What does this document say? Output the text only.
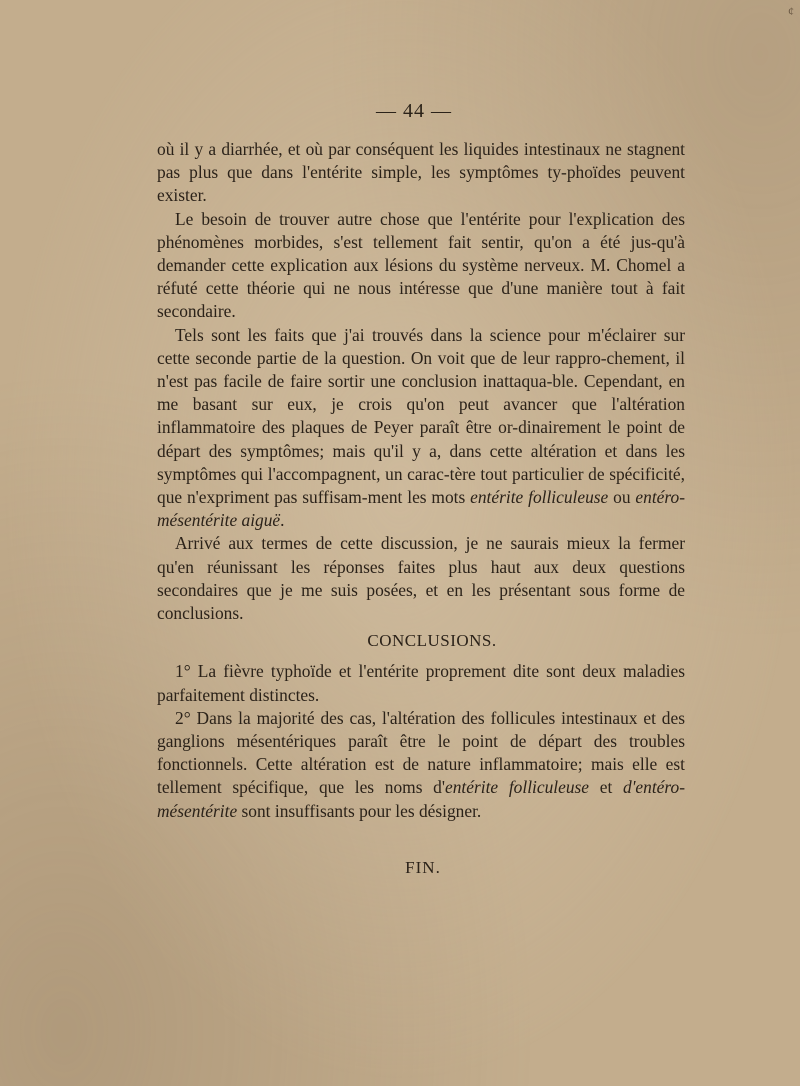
¢
— 44 —

où il y a diarrhée, et où par conséquent les liquides intestinaux ne stagnent pas plus que dans l'entérite simple, les symptômes ty-phoïdes peuvent exister.

Le besoin de trouver autre chose que l'entérite pour l'explication des phénomènes morbides, s'est tellement fait sentir, qu'on a été jus-qu'à demander cette explication aux lésions du système nerveux. M. Chomel a réfuté cette théorie qui ne nous intéresse que d'une manière tout à fait secondaire.

Tels sont les faits que j'ai trouvés dans la science pour m'éclairer sur cette seconde partie de la question. On voit que de leur rappro-chement, il n'est pas facile de faire sortir une conclusion inattaqua-ble. Cependant, en me basant sur eux, je crois qu'on peut avancer que l'altération inflammatoire des plaques de Peyer paraît être or-dinairement le point de départ des symptômes; mais qu'il y a, dans cette altération et dans les symptômes qui l'accompagnent, un carac-tère tout particulier de spécificité, que n'expriment pas suffisam-ment les mots entérite folliculeuse ou entéro-mésentérite aiguë.

Arrivé aux termes de cette discussion, je ne saurais mieux la fermer qu'en réunissant les réponses faites plus haut aux deux questions secondaires que je me suis posées, et en les présentant sous forme de conclusions.

CONCLUSIONS.

1° La fièvre typhoïde et l'entérite proprement dite sont deux maladies parfaitement distinctes.

2° Dans la majorité des cas, l'altération des follicules intestinaux et des ganglions mésentériques paraît être le point de départ des troubles fonctionnels. Cette altération est de nature inflammatoire; mais elle est tellement spécifique, que les noms d'entérite folliculeuse et d'entéro-mésentérite sont insuffisants pour les désigner.

FIN.
